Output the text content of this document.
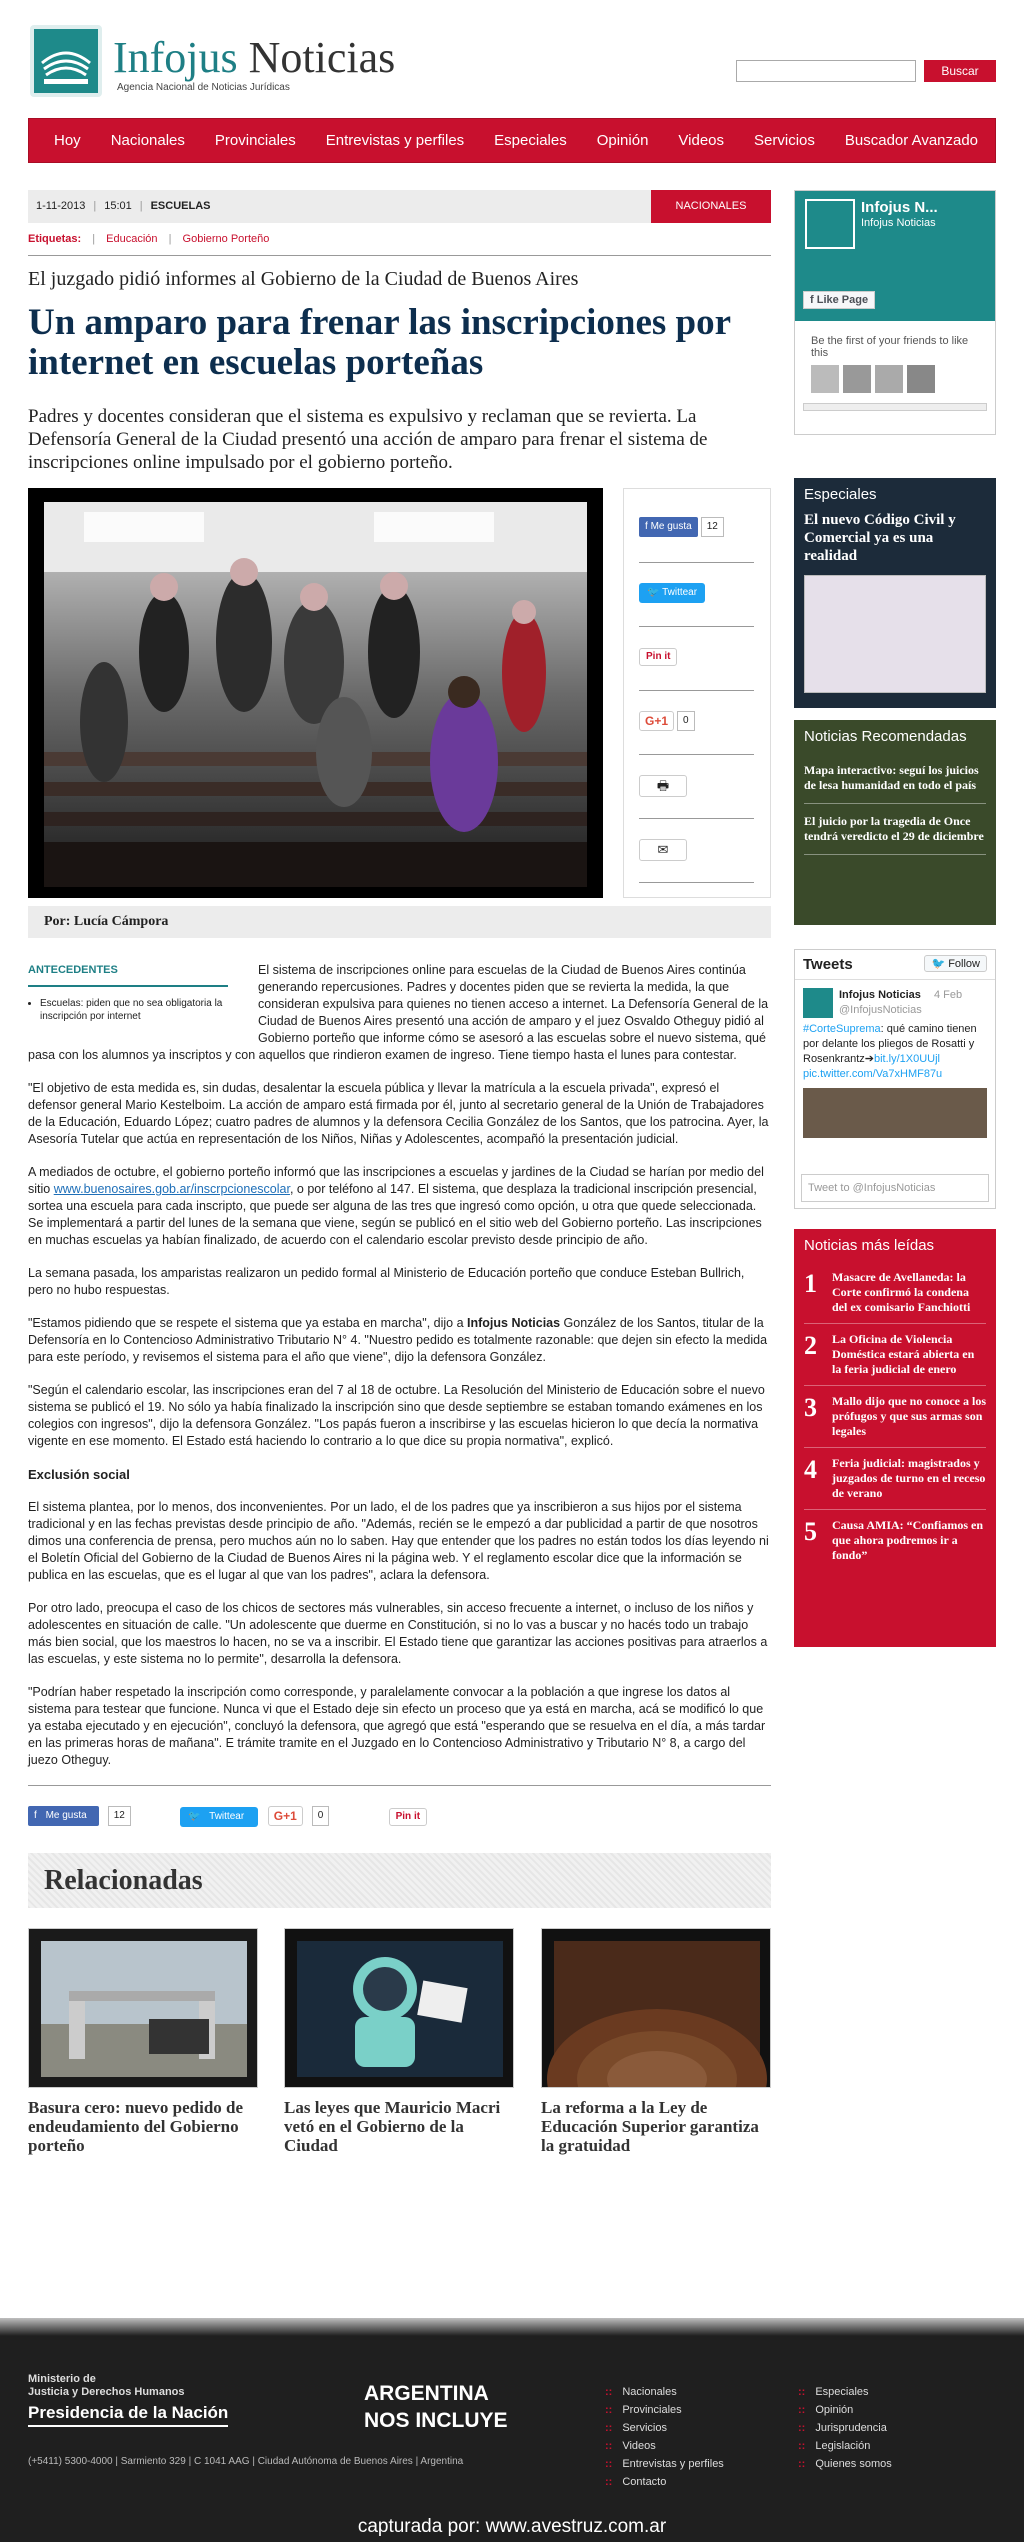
Infojus Noticias
Agencia Nacional de Noticias Jurídicas
Buscar
Hoy	Nacionales	Provinciales	Entrevistas y perfiles	Especiales	Opinión	Videos	Servicios	Buscador Avanzado
1-11-2013 | 15:01 | ESCUELAS	NACIONALES
Etiquetas: | Educación | Gobierno Porteño
El juzgado pidió informes al Gobierno de la Ciudad de Buenos Aires
Un amparo para frenar las inscripciones por internet en escuelas porteñas
Padres y docentes consideran que el sistema es expulsivo y reclaman que se revierta. La Defensoría General de la Ciudad presentó una acción de amparo para frenar el sistema de inscripciones online impulsado por el gobierno porteño.
f Me gusta 12
🐦 Twittear
Pin it
G+1 0
🖶
✉
Por: Lucía Cámpora
ANTECEDENTES
• Escuelas: piden que no sea obligatoria la inscripción por internet

El sistema de inscripciones online para escuelas de la Ciudad de Buenos Aires continúa generando repercusiones. Padres y docentes piden que se revierta la medida, la que consideran expulsiva para quienes no tienen acceso a internet. La Defensoría General de la Ciudad de Buenos Aires presentó una acción de amparo y el juez Osvaldo Otheguy pidió al Gobierno porteño que informe cómo se asesoró a las escuelas sobre el nuevo sistema, qué pasa con los alumnos ya inscriptos y con aquellos que rindieron examen de ingreso. Tiene tiempo hasta el lunes para contestar.

"El objetivo de esta medida es, sin dudas, desalentar la escuela pública y llevar la matrícula a la escuela privada", expresó el defensor general Mario Kestelboim. La acción de amparo está firmada por él, junto al secretario general de la Unión de Trabajadores de la Educación, Eduardo López; cuatro padres de alumnos y la defensora Cecilia González de los Santos, que los patrocina. Ayer, la Asesoría Tutelar que actúa en representación de los Niños, Niñas y Adolescentes, acompañó la presentación judicial.

A mediados de octubre, el gobierno porteño informó que las inscripciones a escuelas y jardines de la Ciudad se harían por medio del sitio www.buenosaires.gob.ar/inscrpcionescolar, o por teléfono al 147. El sistema, que desplaza la tradicional inscripción presencial, sortea una escuela para cada inscripto, que puede ser alguna de las tres que ingresó como opción, u otra que quede seleccionada. Se implementará a partir del lunes de la semana que viene, según se publicó en el sitio web del Gobierno porteño. Las inscripciones en muchas escuelas ya habían finalizado, de acuerdo con el calendario escolar previsto desde principio de año.

La semana pasada, los amparistas realizaron un pedido formal al Ministerio de Educación porteño que conduce Esteban Bullrich, pero no hubo respuestas.

"Estamos pidiendo que se respete el sistema que ya estaba en marcha", dijo a Infojus Noticias González de los Santos, titular de la Defensoría en lo Contencioso Administrativo Tributario N° 4. "Nuestro pedido es totalmente razonable: que dejen sin efecto la medida para este período, y revisemos el sistema para el año que viene", dijo la defensora González.

"Según el calendario escolar, las inscripciones eran del 7 al 18 de octubre. La Resolución del Ministerio de Educación sobre el nuevo sistema se publicó el 19. No sólo ya había finalizado la inscripción sino que desde septiembre se estaban tomando exámenes en los colegios con ingresos", dijo la defensora González. "Los papás fueron a inscribirse y las escuelas hicieron lo que decía la normativa vigente en ese momento. El Estado está haciendo lo contrario a lo que dice su propia normativa", explicó.

Exclusión social

El sistema plantea, por lo menos, dos inconvenientes. Por un lado, el de los padres que ya inscribieron a sus hijos por el sistema tradicional y en las fechas previstas desde principio de año. "Además, recién se le empezó a dar publicidad a partir de que nosotros dimos una conferencia de prensa, pero muchos aún no lo saben. Hay que entender que los padres no están todos los días leyendo ni el Boletín Oficial del Gobierno de la Ciudad de Buenos Aires ni la página web. Y el reglamento escolar dice que la información se publica en las escuelas, que es el lugar al que van los padres", aclara la defensora.

Por otro lado, preocupa el caso de los chicos de sectores más vulnerables, sin acceso frecuente a internet, o incluso de los niños y adolescentes en situación de calle. "Un adolescente que duerme en Constitución, si no lo vas a buscar y no hacés todo un trabajo más bien social, que los maestros lo hacen, no se va a inscribir. El Estado tiene que garantizar las acciones positivas para atraerlos a las escuelas, y este sistema no lo permite", desarrolla la defensora.

"Podrían haber respetado la inscripción como corresponde, y paralelamente convocar a la población a que ingrese los datos al sistema para testear que funcione. Nunca vi que el Estado deje sin efecto un proceso que ya está en marcha, acá se modificó lo que ya estaba ejecutado y en ejecución", concluyó la defensora, que agregó que está "esperando que se resuelva en el día, a más tardar en las primeras horas de mañana". E trámite tramite en el Juzgado en lo Contencioso Administrativo y Tributario N° 8, a cargo del juezo Otheguy.

f Me gusta	12	🐦 Twittear G+1 0	Pin it
Relacionadas
Basura cero: nuevo pedido de endeudamiento del Gobierno porteño
Las leyes que Mauricio Macri vetó en el Gobierno de la Ciudad
La reforma a la Ley de Educación Superior garantiza la gratuidad
Infojus N...
Infojus Noticias
f Like Page
Be the first of your friends to like this
Especiales
El nuevo Código Civil y Comercial ya es una realidad
Noticias Recomendadas
Mapa interactivo: seguí los juicios de lesa humanidad en todo el país
El juicio por la tragedia de Once tendrá veredicto el 29 de diciembre
Tweets	🐦 Follow
Infojus Noticias 4 Feb
@InfojusNoticias
#CorteSuprema: qué camino tienen por delante los pliegos de Rosatti y Rosenkrantz➔bit.ly/1X0UUjl
pic.twitter.com/Va7xHMF87u
Tweet to @InfojusNoticias
Noticias más leídas
1	Masacre de Avellaneda: la Corte confirmó la condena del ex comisario Fanchiotti
2	La Oficina de Violencia Doméstica estará abierta en la feria judicial de enero
3	Mallo dijo que no conoce a los prófugos y que sus armas son legales
4	Feria judicial: magistrados y juzgados de turno en el receso de verano
5	Causa AMIA: “Confiamos en que ahora podremos ir a fondo”
Ministerio de
Justicia y Derechos Humanos
Presidencia de la Nación
(+5411) 5300-4000 | Sarmiento 329 | C 1041 AAG | Ciudad Autónoma de Buenos Aires | Argentina
ARGENTINA
NOS INCLUYE
:: Nacionales
:: Provinciales
:: Servicios
:: Videos
:: Entrevistas y perfiles
:: Contacto
:: Especiales
:: Opinión
:: Jurisprudencia
:: Legislación
:: Quienes somos
capturada por: www.avestruz.com.ar
